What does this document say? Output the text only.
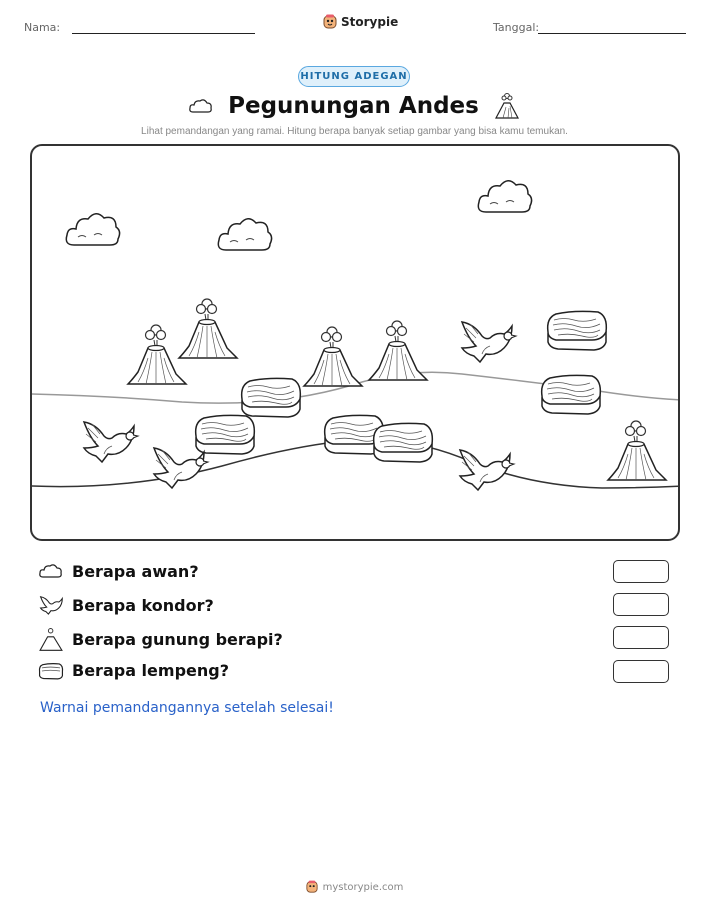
Nama:	Storypie	Tanggal:
HITUNG ADEGAN
Pegunungan Andes
Lihat pemandangan yang ramai. Hitung berapa banyak setiap gambar yang bisa kamu temukan.
Berapa awan?
Berapa kondor?
Berapa gunung berapi?
Berapa lempeng?
Warnai pemandangannya setelah selesai!
mystorypie.com
